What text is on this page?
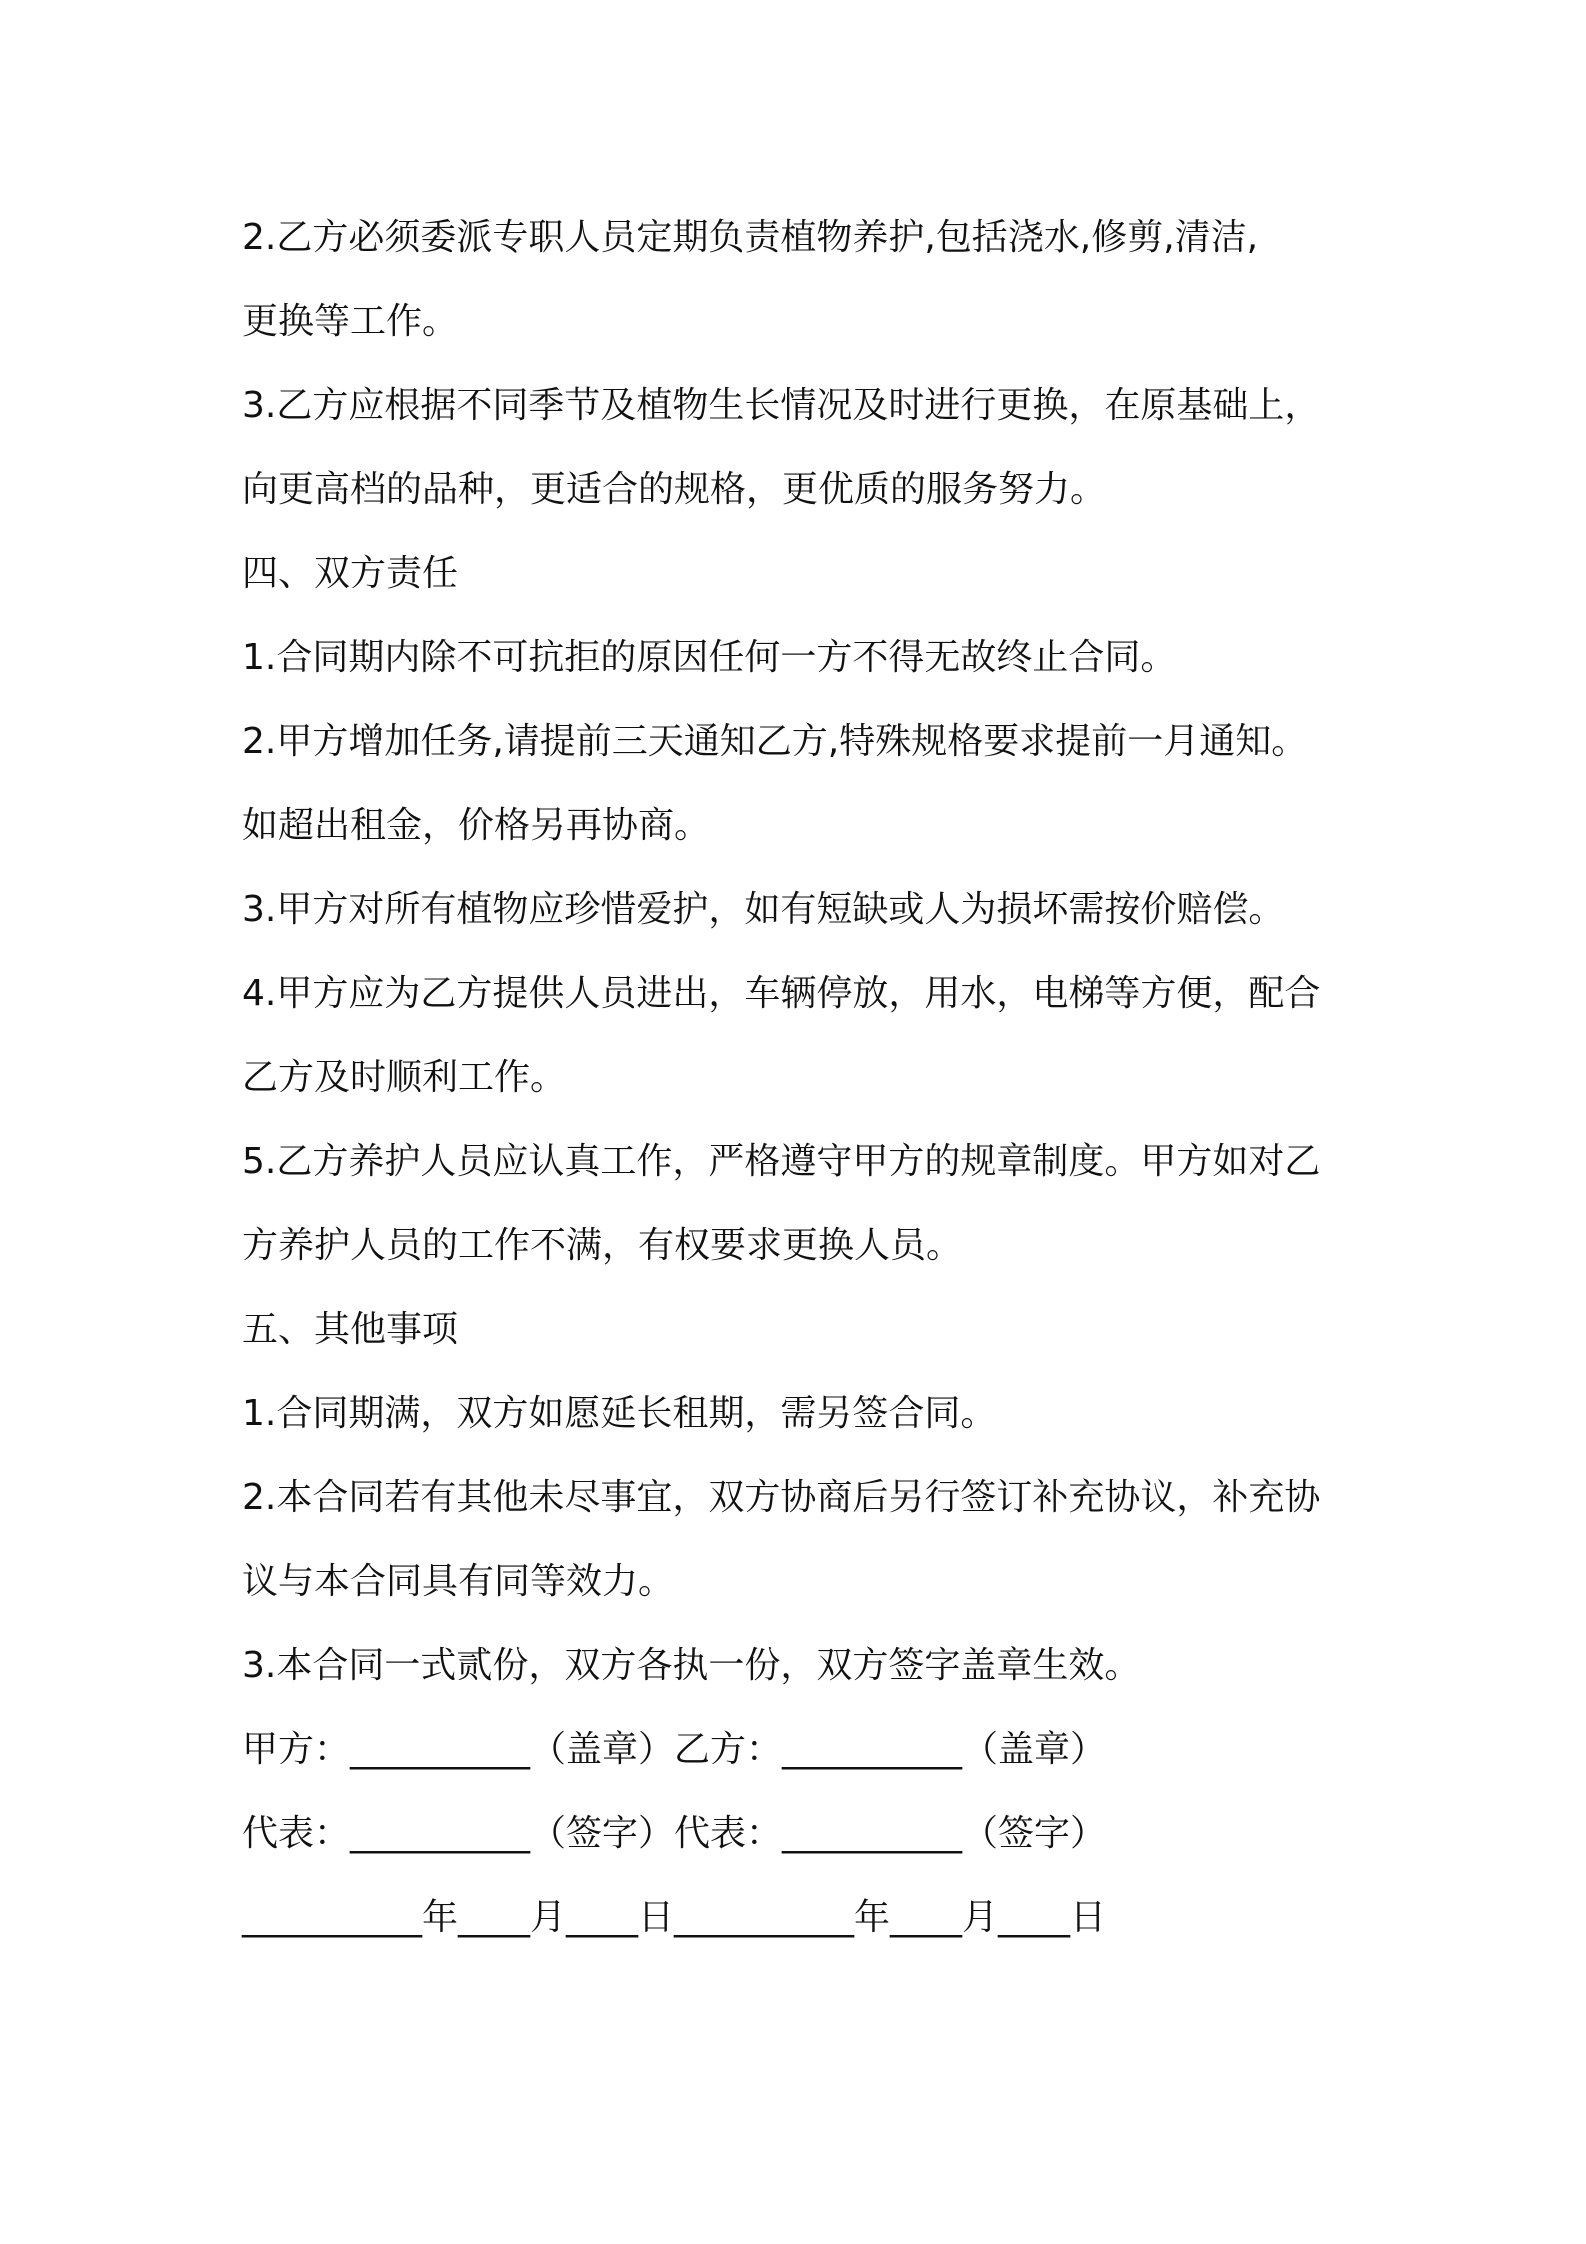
2.乙方必须委派专职人员定期负责植物养护,包括浇水,修剪,清洁,

更换等工作。

3.乙方应根据不同季节及植物生长情况及时进行更换，在原基础上，

向更高档的品种，更适合的规格，更优质的服务努力。

四、双方责任

1.合同期内除不可抗拒的原因任何一方不得无故终止合同。

2.甲方增加任务,请提前三天通知乙方,特殊规格要求提前一月通知。

如超出租金，价格另再协商。

3.甲方对所有植物应珍惜爱护，如有短缺或人为损坏需按价赔偿。

4.甲方应为乙方提供人员进出，车辆停放，用水，电梯等方便，配合

乙方及时顺利工作。

5.乙方养护人员应认真工作，严格遵守甲方的规章制度。甲方如对乙

方养护人员的工作不满，有权要求更换人员。

五、其他事项

1.合同期满，双方如愿延长租期，需另签合同。

2.本合同若有其他未尽事宜，双方协商后另行签订补充协议，补充协

议与本合同具有同等效力。

3.本合同一式贰份，双方各执一份，双方签字盖章生效。

甲方：__________（盖章）乙方：__________（盖章）

代表：__________（签字）代表：__________（签字）

__________年____月____日__________年____月____日
